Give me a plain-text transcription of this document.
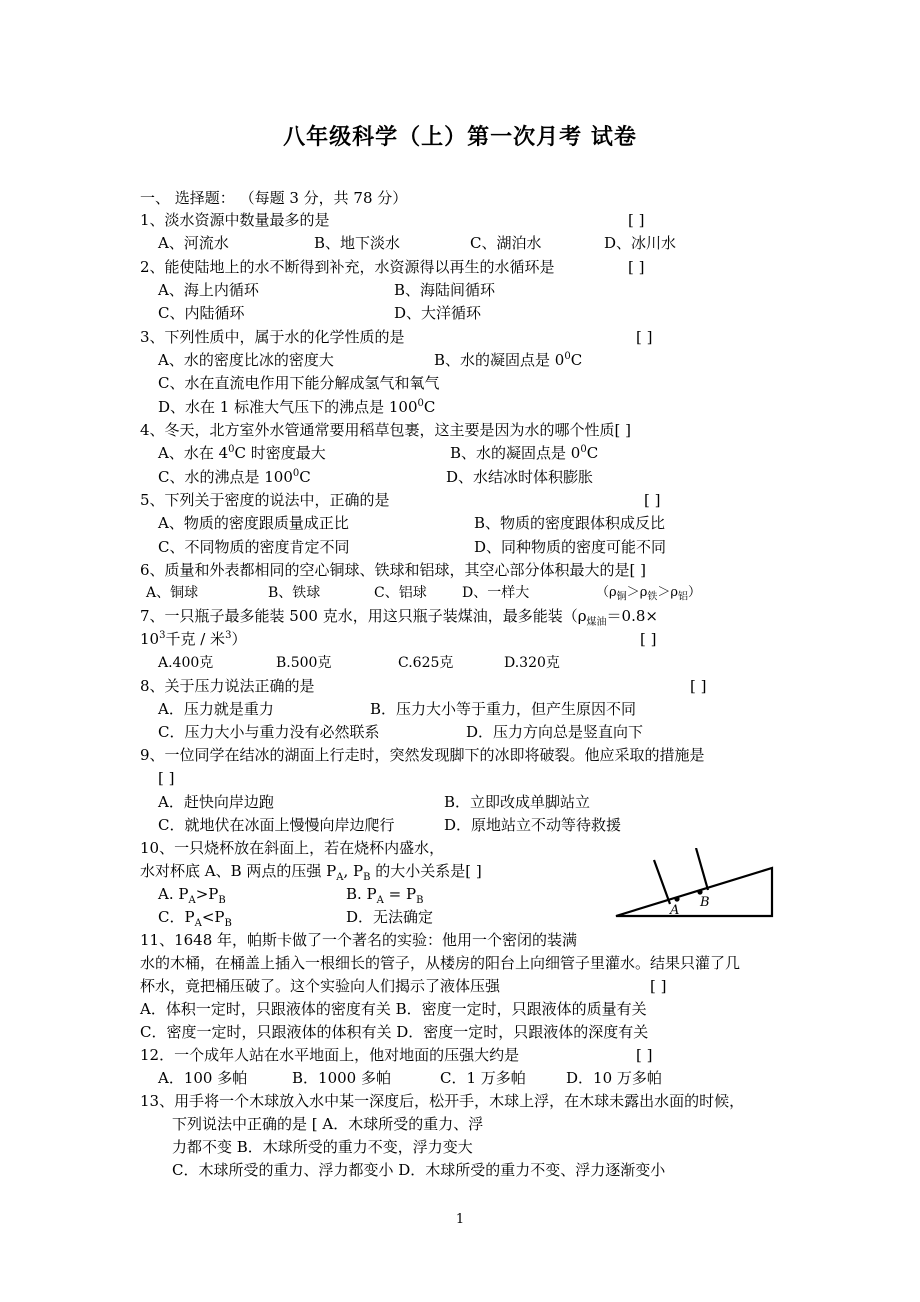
八年级科学（上）第一次月考 试卷
一、 选择题： （每题 3 分，共 78 分）
1、淡水资源中数量最多的是	[ ]
A、河流水	B、地下淡水	C、湖泊水	D、冰川水
2、能使陆地上的水不断得到补充，水资源得以再生的水循环是	[ ]
A、海上内循环	B、海陆间循环
C、内陆循环	D、大洋循环
3、下列性质中，属于水的化学性质的是	[ ]
A、水的密度比冰的密度大	B、水的凝固点是 $0^0C$
C、水在直流电作用下能分解成氢气和氧气
D、水在 1 标准大气压下的沸点是 $100^0C$
4、冬天，北方室外水管通常要用稻草包裹，这主要是因为水的哪个性质[ ]
A、水在 $4^0C$ 时密度最大	B、水的凝固点是 $0^0C$
C、水的沸点是 $100^0C$	D、水结冰时体积膨胀
5、下列关于密度的说法中，正确的是	[ ]
A、物质的密度跟质量成正比	B、物质的密度跟体积成反比
C、不同物质的密度肯定不同	D、同种物质的密度可能不同
6、质量和外表都相同的空心铜球、铁球和铝球，其空心部分体积最大的是[ ]
A、铜球	B、铁球	C、铝球	D、一样大	$(\rho_铜>\rho_铁>\rho_铝)$
7、一只瓶子最多能装 500 克水，用这只瓶子装煤油，最多能装（$\rho_{煤油}=0.8\times$
$10^3$千克 / 米$^3$）	[ ]
A.400克	B.500克	C.625克	D.320克
8、关于压力说法正确的是	[ ]
A．压力就是重力	B．压力大小等于重力，但产生原因不同
C．压力大小与重力没有必然联系	D．压力方向总是竖直向下
9、一位同学在结冰的湖面上行走时，突然发现脚下的冰即将破裂。他应采取的措施是
[ ]
A．赶快向岸边跑	B．立即改成单脚站立
C．就地伏在冰面上慢慢向岸边爬行	D．原地站立不动等待救援
10、一只烧杯放在斜面上，若在烧杯内盛水，
水对杯底 A、B 两点的压强 $P_A$, $P_B$ 的大小关系是[ ]
A. $P_A>P_B$	B. $P_A = P_B$
C．$P_A<P_B$	D．无法确定	A
B
11、1648 年，帕斯卡做了一个著名的实验：他用一个密闭的装满
水的木桶，在桶盖上插入一根细长的管子，从楼房的阳台上向细管子里灌水。结果只灌了几
杯水，竟把桶压破了。这个实验向人们揭示了液体压强	[ ]
A．体积一定时，只跟液体的密度有关 B．密度一定时，只跟液体的质量有关
C．密度一定时，只跟液体的体积有关 D．密度一定时，只跟液体的深度有关
12．一个成年人站在水平地面上，他对地面的压强大约是	[ ]
A．100 多帕	B．1000 多帕	C．1 万多帕	D．10 万多帕
13、用手将一个木球放入水中某一深度后，松开手，木球上浮，在木球未露出水面的时候，
下列说法中正确的是 [ A．木球所受的重力、浮
力都不变 B．木球所受的重力不变，浮力变大
C．木球所受的重力、浮力都变小 D．木球所受的重力不变、浮力逐渐变小
1
